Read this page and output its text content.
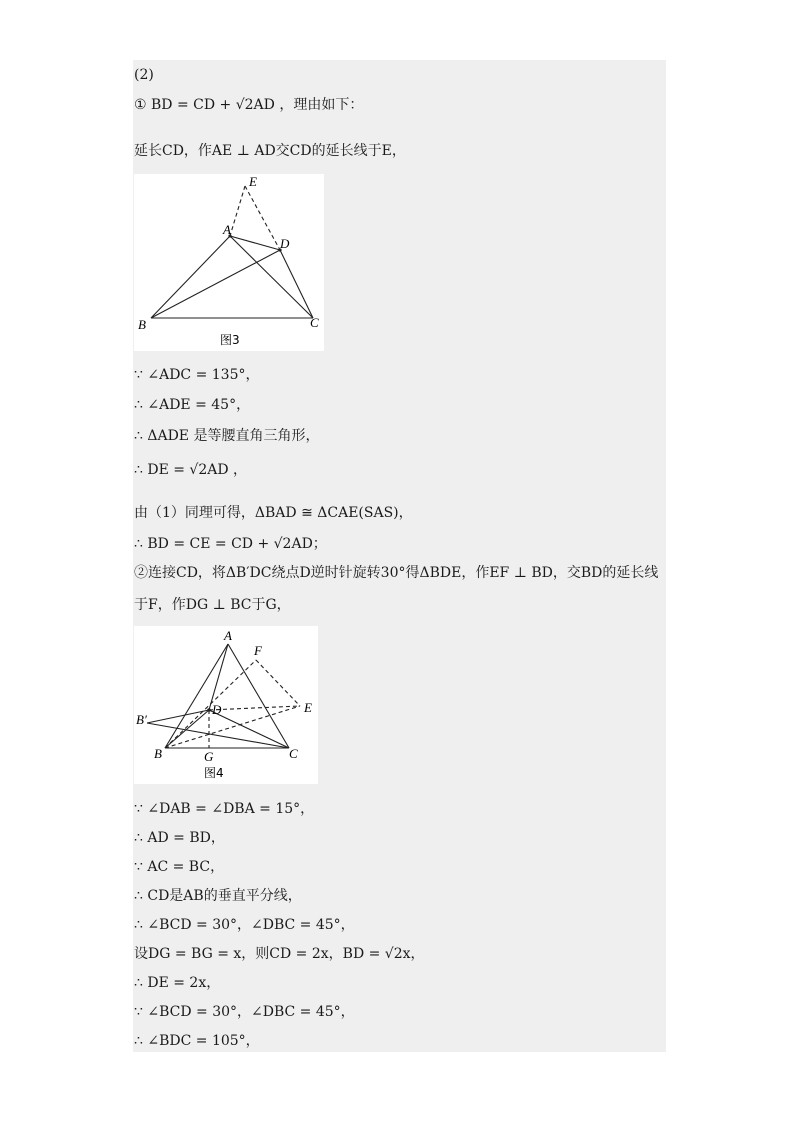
(2)
① BD = CD + √2AD ，理由如下：
延长CD，作AE ⊥ AD交CD的延长线于E，
E
A
D
B	C
图3
∵ ∠ADC = 135°，
∴ ∠ADE = 45°，
∴ ΔADE 是等腰直角三角形，
∴ DE = √2AD ，
由（1）同理可得，ΔBAD ≅ ΔCAE(SAS)，
∴ BD = CE = CD + √2AD；
②连接CD，将ΔB′DC绕点D逆时针旋转30°得ΔBDE，作EF ⊥ BD，交BD的延长线
于F，作DG ⊥ BC于G，
A
F
B′
D	E
B	G	C
图4
∵ ∠DAB = ∠DBA = 15°，
∴ AD = BD，
∵ AC = BC，
∴ CD是AB的垂直平分线，
∴ ∠BCD = 30°，∠DBC = 45°，
设DG = BG = x，则CD = 2x，BD = √2x，
∴ DE = 2x，
∵ ∠BCD = 30°，∠DBC = 45°，
∴ ∠BDC = 105°，
